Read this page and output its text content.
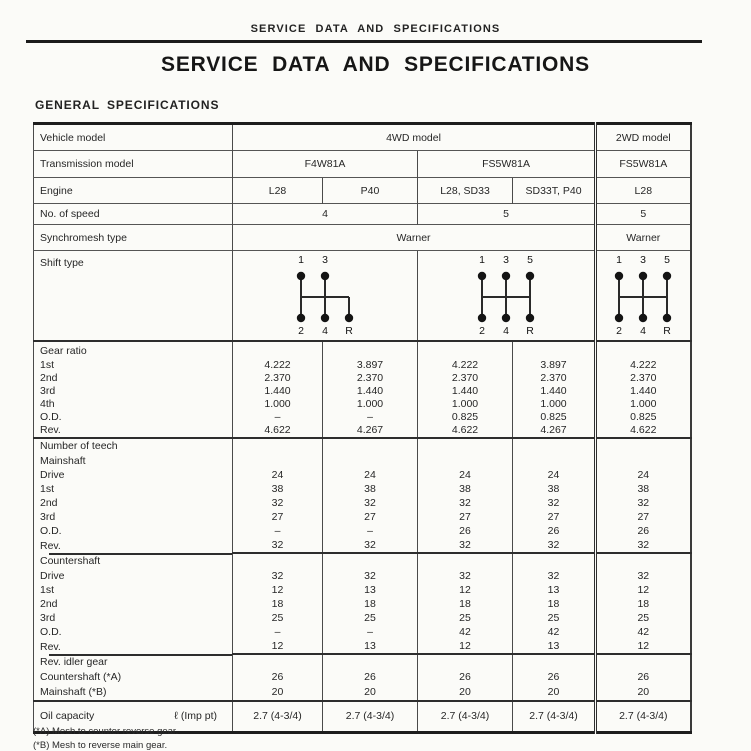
SERVICE DATA AND SPECIFICATIONS
SERVICE DATA AND SPECIFICATIONS
GENERAL SPECIFICATIONS
Vehicle model	4WD model				2WD model
Transmission model	F4W81A		FS5W81A		FS5W81A
Engine	L28	P40	L28, SD33	SD33T, P40	L28
No. of speed	4		5		5
Synchromesh type	Warner				Warner
Shift type	1 3
2 4 R

1 3 5
2 4 R

1 3 5
2 4 R

Gear ratio					
1st	4.222	3.897	4.222	3.897	4.222
2nd	2.370	2.370	2.370	2.370	2.370
3rd	1.440	1.440	1.440	1.440	1.440
4th	1.000	1.000	1.000	1.000	1.000
O.D.	–	–	0.825	0.825	0.825
Rev.	4.622	4.267	4.622	4.267	4.622
Number of teech					
Mainshaft					
Drive	24	24	24	24	24
1st	38	38	38	38	38
2nd	32	32	32	32	32
3rd	27	27	27	27	27
O.D.	–	–	26	26	26
Rev.	32	32	32	32	32
Countershaft					
Drive	32	32	32	32	32
1st	12	13	12	13	12
2nd	18	18	18	18	18
3rd	25	25	25	25	25
O.D.	–	–	42	42	42
Rev.	12	13	12	13	12
Rev. idler gear					
Countershaft (*A)	26	26	26	26	26
Mainshaft (*B)	20	20	20	20	20
Oil capacity ℓ (Imp pt)	2.7 (4-3/4)	2.7 (4-3/4)	2.7 (4-3/4)	2.7 (4-3/4)	2.7 (4-3/4)
(*A) Mesh to counter reverse gear.
(*B) Mesh to reverse main gear.
